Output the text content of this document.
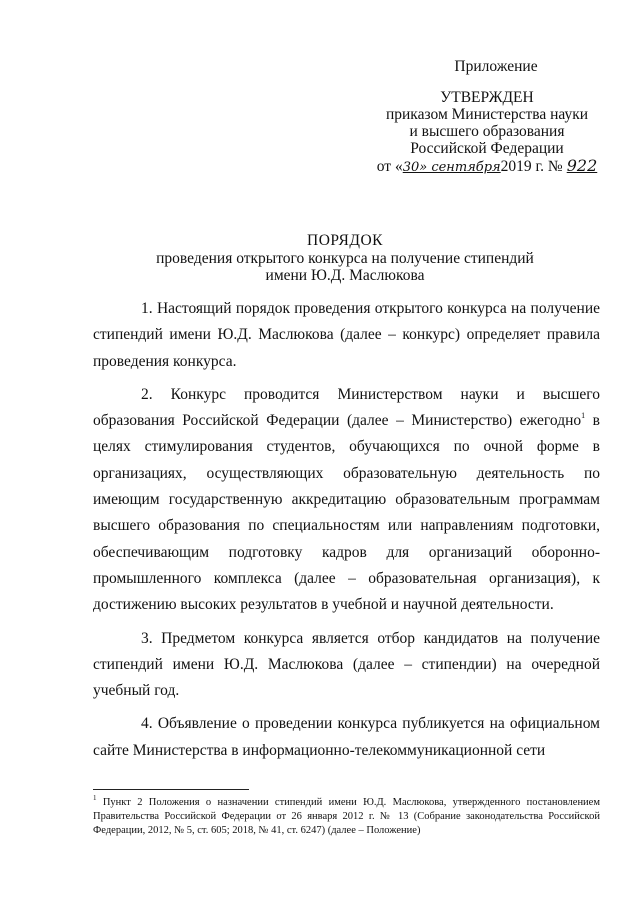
Приложение
УТВЕРЖДЕН
приказом Министерства науки
и высшего образования
Российской Федерации
от «30» сентября2019 г. № 922
ПОРЯДОК
проведения открытого конкурса на получение стипендий
имени Ю.Д. Маслюкова

1. Настоящий порядок проведения открытого конкурса на получение стипендий имени Ю.Д. Маслюкова (далее – конкурс) определяет правила проведения конкурса.

2. Конкурс проводится Министерством науки и высшего образования Российской Федерации (далее – Министерство) ежегодно$^1$ в целях стимулирования студентов, обучающихся по очной форме в организациях, осуществляющих образовательную деятельность по имеющим государственную аккредитацию образовательным программам высшего образования по специальностям или направлениям подготовки, обеспечивающим подготовку кадров для организаций оборонно-промышленного комплекса (далее – образовательная организация), к достижению высоких результатов в учебной и научной деятельности.

3. Предметом конкурса является отбор кандидатов на получение стипендий имени Ю.Д. Маслюкова (далее – стипендии) на очередной учебный год.

4. Объявление о проведении конкурса публикуется на официальном сайте Министерства в информационно-телекоммуникационной сети

$^1$ Пункт 2 Положения о назначении стипендий имени Ю.Д. Маслюкова, утвержденного постановлением Правительства Российской Федерации от 26 января 2012 г. № 13 (Собрание законодательства Российской Федерации, 2012, № 5, ст. 605; 2018, № 41, ст. 6247) (далее – Положение)
